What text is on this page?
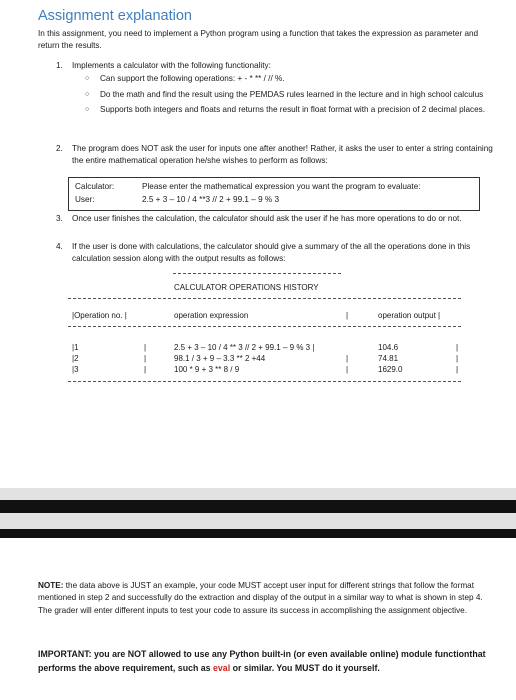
Assignment explanation
In this assignment, you need to implement a Python program using a function that takes the expression as parameter and return the results.
1. Implements a calculator with the following functionality:
○ Can support the following operations: + - * ** / // %.
○ Do the math and find the result using the PEMDAS rules learned in the lecture and in high school calculus
○ Supports both integers and floats and returns the result in float format with a precision of 2 decimal places.
2. The program does NOT ask the user for inputs one after another! Rather, it asks the user to enter a string containing the entire mathematical operation he/she wishes to perform as follows:
Calculator:	Please enter the mathematical expression you want the program to evaluate:
User:	2.5 + 3 – 10 / 4 **3 // 2 + 99.1 – 9 % 3
3. Once user finishes the calculation, the calculator should ask the user if he has more operations to do or not.
4. If the user is done with calculations, the calculator should give a summary of the all the operations done in this calculation session along with the output results as follows:
CALCULATOR OPERATIONS HISTORY
|Operation no. |	operation expression	|	operation output |
|1	|	2.5 + 3 – 10 / 4 ** 3 // 2 + 99.1 – 9 % 3 |	104.6	|
|2	|	98.1 / 3 + 9 – 3.3 ** 2 +44	|	74.81	|
|3	|	100 * 9 + 3 ** 8 / 9	|	1629.0	|
NOTE: the data above is JUST an example, your code MUST accept user input for different strings that follow the format mentioned in step 2 and successfully do the extraction and display of the output in a similar way to what is shown in step 4. The grader will enter different inputs to test your code to assure its success in accomplishing the assignment objective.
IMPORTANT: you are NOT allowed to use any Python built-in (or even available online) module functionthat performs the above requirement, such as eval or similar. You MUST do it yourself.
